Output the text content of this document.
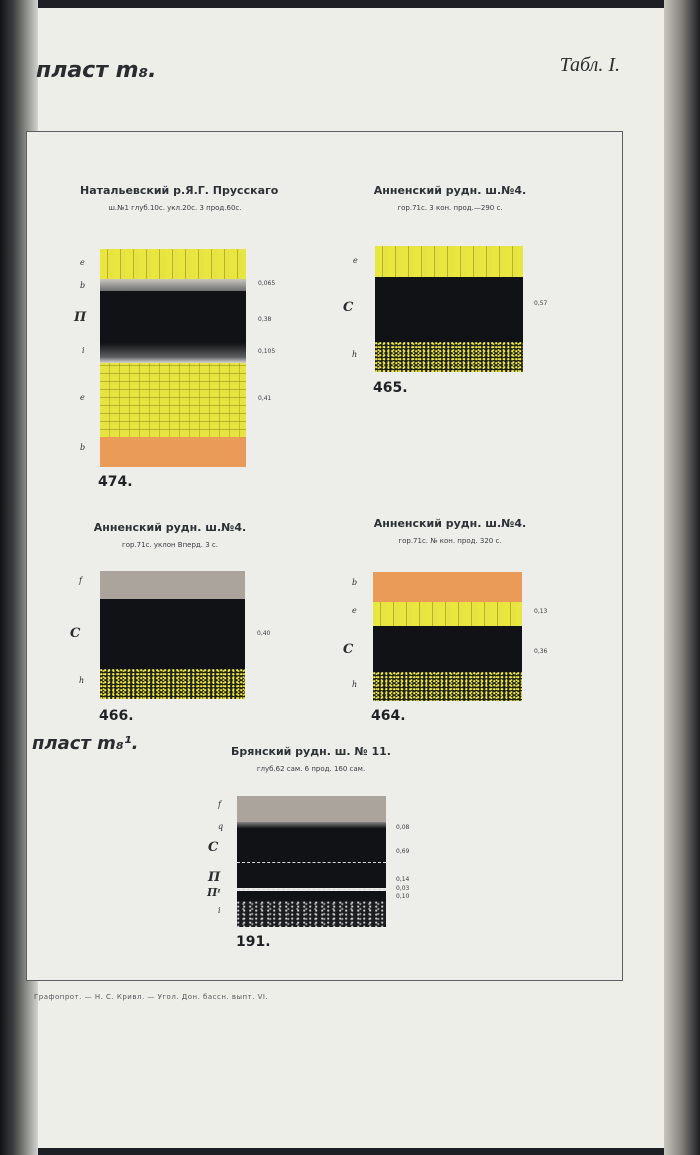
пласт m₈.	Табл. I.
Натальевский р.Я.Г. Прусскаго
ш.№1 глуб.10с. укл.20с. 3 прод.60с.
e
b
П
i
e
b
0,065
0,38
0,105
0,41
474.
Анненский рудн. ш.№4.
гор.71с. 3 кон. прод.—290 с.
e
C
h
0,57
465.
Анненский рудн. ш.№4.
гор.71с. уклон Вперд. 3 с.
f
C
h
0,40
466.
Анненский рудн. ш.№4.
гор.71с. № кон. прод. 320 с.
b
e
C
h
0,13
0,36
464.
пласт m₈¹.	Брянский рудн. ш. № 11.
глуб.62 сам. 6 прод. 160 сам.
f
q
C
П
Пᶦ
i
0,08
0,69
0,14
0,03
0,10
191.
Графопрот. — Н. С. Кривл. — Угол. Дон. бассн. выпт. VI.
